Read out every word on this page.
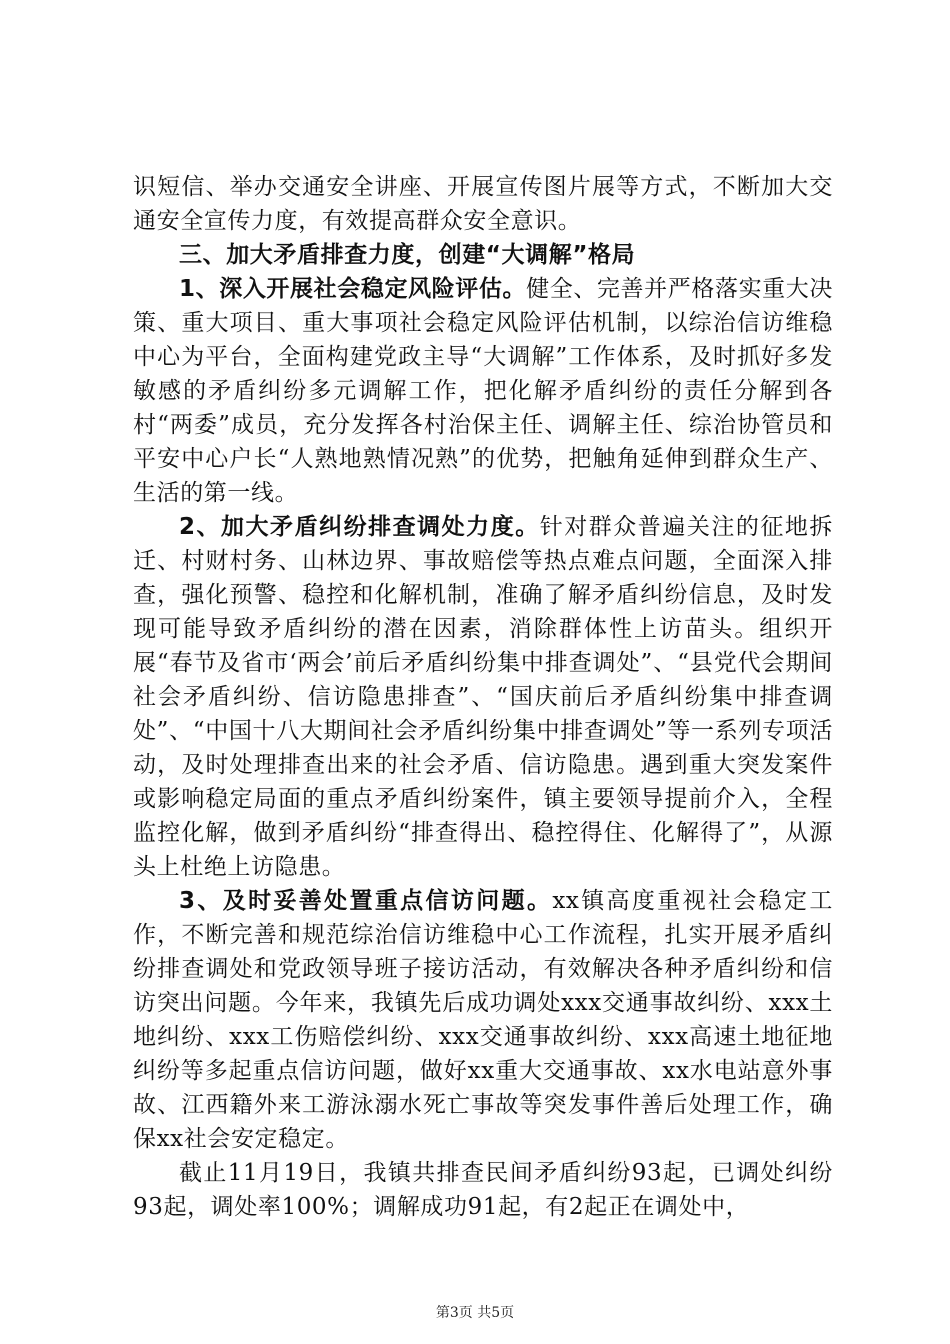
识短信、举办交通安全讲座、开展宣传图片展等方式，不断加大交通安全宣传力度，有效提高群众安全意识。

三、加大矛盾排查力度，创建“大调解”格局

1、深入开展社会稳定风险评估。健全、完善并严格落实重大决策、重大项目、重大事项社会稳定风险评估机制，以综治信访维稳中心为平台，全面构建党政主导“大调解”工作体系，及时抓好多发敏感的矛盾纠纷多元调解工作，把化解矛盾纠纷的责任分解到各村“两委”成员，充分发挥各村治保主任、调解主任、综治协管员和平安中心户长“人熟地熟情况熟”的优势，把触角延伸到群众生产、生活的第一线。

2、加大矛盾纠纷排查调处力度。针对群众普遍关注的征地拆迁、村财村务、山林边界、事故赔偿等热点难点问题，全面深入排查，强化预警、稳控和化解机制，准确了解矛盾纠纷信息，及时发现可能导致矛盾纠纷的潜在因素，消除群体性上访苗头。组织开展“春节及省市‘两会’前后矛盾纠纷集中排查调处”、“县党代会期间社会矛盾纠纷、信访隐患排查”、“国庆前后矛盾纠纷集中排查调处”、“中国十八大期间社会矛盾纠纷集中排查调处”等一系列专项活动，及时处理排查出来的社会矛盾、信访隐患。遇到重大突发案件或影响稳定局面的重点矛盾纠纷案件，镇主要领导提前介入，全程监控化解，做到矛盾纠纷“排查得出、稳控得住、化解得了”，从源头上杜绝上访隐患。

3、及时妥善处置重点信访问题。xx镇高度重视社会稳定工作，不断完善和规范综治信访维稳中心工作流程，扎实开展矛盾纠纷排查调处和党政领导班子接访活动，有效解决各种矛盾纠纷和信访突出问题。今年来，我镇先后成功调处xxx交通事故纠纷、xxx土地纠纷、xxx工伤赔偿纠纷、xxx交通事故纠纷、xxx高速土地征地纠纷等多起重点信访问题，做好xx重大交通事故、xx水电站意外事故、江西籍外来工游泳溺水死亡事故等突发事件善后处理工作，确保xx社会安定稳定。

截止11月19日，我镇共排查民间矛盾纠纷93起，已调处纠纷93起，调处率100%；调解成功91起，有2起正在调处中，

第3页 共5页
